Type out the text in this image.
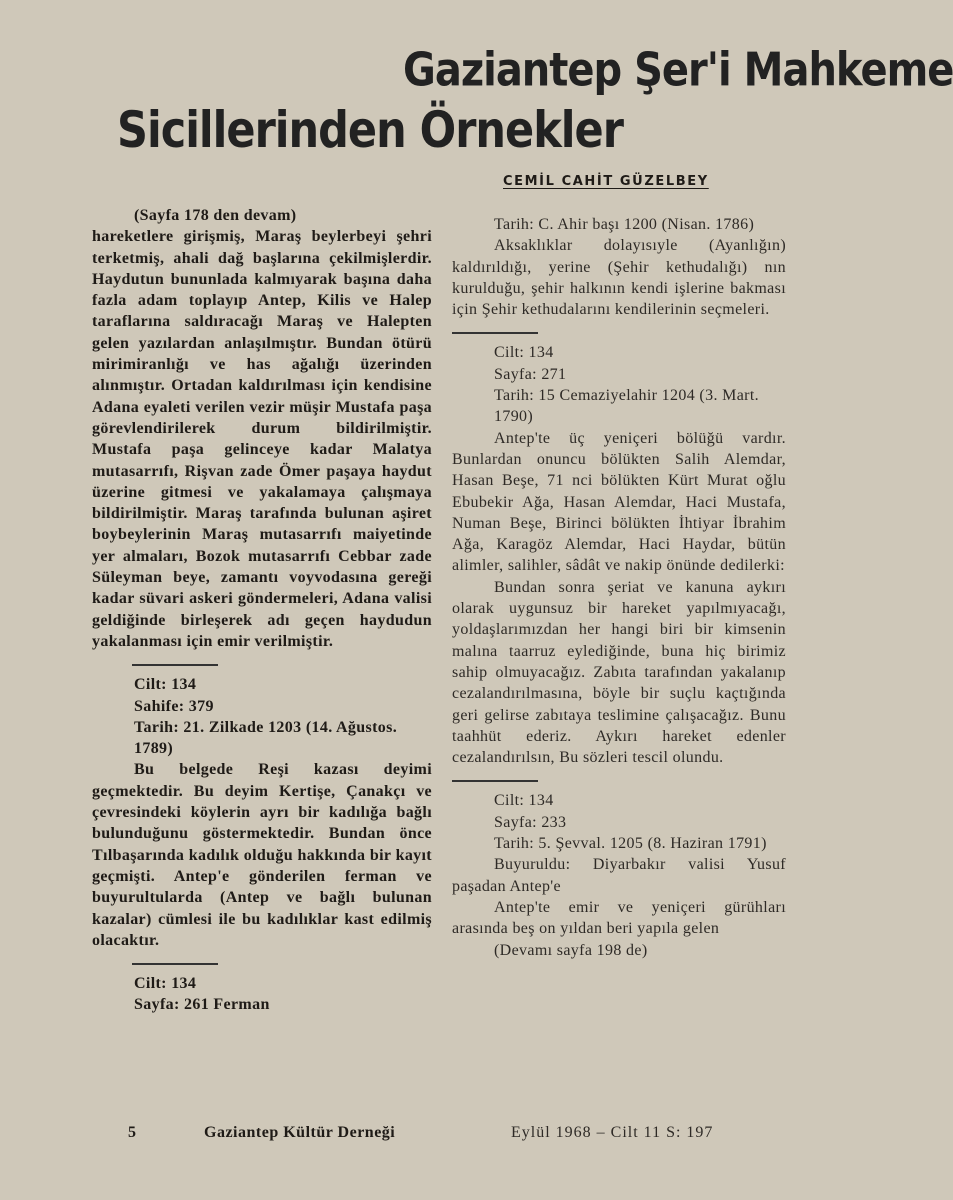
Gaziantep Şer'i Mahkeme
Sicillerinden Örnekler
CEMİL CAHİT GÜZELBEY

(Sayfa 178 den devam)

hareketlere girişmiş, Maraş beylerbeyi şehri terketmiş, ahali dağ başlarına çekilmişlerdir. Haydutun bununlada kalmıyarak başına daha fazla adam toplayıp Antep, Kilis ve Halep taraflarına saldıracağı Maraş ve Halepten gelen yazılardan anlaşılmıştır. Bundan ötürü mirimiranlığı ve has ağalığı üzerinden alınmıştır. Ortadan kaldırılması için kendisine Adana eyaleti verilen vezir müşir Mustafa paşa görevlendirilerek durum bildirilmiştir. Mustafa paşa gelinceye kadar Malatya mutasarrıfı, Rişvan zade Ömer paşaya haydut üzerine gitmesi ve yakalamaya çalışmaya bildirilmiştir. Maraş tarafında bulunan aşiret boybeylerinin Maraş mutasarrıfı maiyetinde yer almaları, Bozok mutasarrıfı Cebbar zade Süleyman beye, zamantı voyvodasına gereği kadar süvari askeri göndermeleri, Adana valisi geldiğinde birleşerek adı geçen haydudun yakalanması için emir verilmiştir.

Cilt: 134

Sahife: 379

Tarih: 21. Zilkade 1203 (14. Ağustos. 1789)

Bu belgede Reşi kazası deyimi geçmektedir. Bu deyim Kertişe, Çanakçı ve çevresindeki köylerin ayrı bir kadılığa bağlı bulunduğunu göstermektedir. Bundan önce Tılbaşarında kadılık olduğu hakkında bir kayıt geçmişti. Antep'e gönderilen ferman ve buyurultularda (Antep ve bağlı bulunan kazalar) cümlesi ile bu kadılıklar kast edilmiş olacaktır.

Cilt: 134

Sayfa: 261 Ferman

Tarih: C. Ahir başı 1200 (Nisan. 1786)

Aksaklıklar dolayısıyle (Ayanlığın) kaldırıldığı, yerine (Şehir kethudalığı) nın kurulduğu, şehir halkının kendi işlerine bakması için Şehir kethudalarını kendilerinin seçmeleri.

Cilt: 134

Sayfa: 271

Tarih: 15 Cemaziyelahir 1204 (3. Mart. 1790)

Antep'te üç yeniçeri bölüğü vardır. Bunlardan onuncu bölükten Salih Alemdar, Hasan Beşe, 71 nci bölükten Kürt Murat oğlu Ebubekir Ağa, Hasan Alemdar, Haci Mustafa, Numan Beşe, Birinci bölükten İhtiyar İbrahim Ağa, Karagöz Alemdar, Haci Haydar, bütün alimler, salihler, sâdât ve nakip önünde dedilerki:

Bundan sonra şeriat ve kanuna aykırı olarak uygunsuz bir hareket yapılmıyacağı, yoldaşlarımızdan her hangi biri bir kimsenin malına taarruz eylediğinde, buna hiç birimiz sahip olmuyacağız. Zabıta tarafından yakalanıp cezalandırılmasına, böyle bir suçlu kaçtığında geri gelirse zabıtaya teslimine çalışacağız. Bunu taahhüt ederiz. Aykırı hareket edenler cezalandırılsın, Bu sözleri tescil olundu.

Cilt: 134

Sayfa: 233

Tarih: 5. Şevval. 1205 (8. Haziran 1791)

Buyuruldu: Diyarbakır valisi Yusuf paşadan Antep'e

Antep'te emir ve yeniçeri gürühları arasında beş on yıldan beri yapıla gelen

(Devamı sayfa 198 de)

5	Gaziantep Kültür Derneği	Eylül 1968 – Cilt 11 S: 197
